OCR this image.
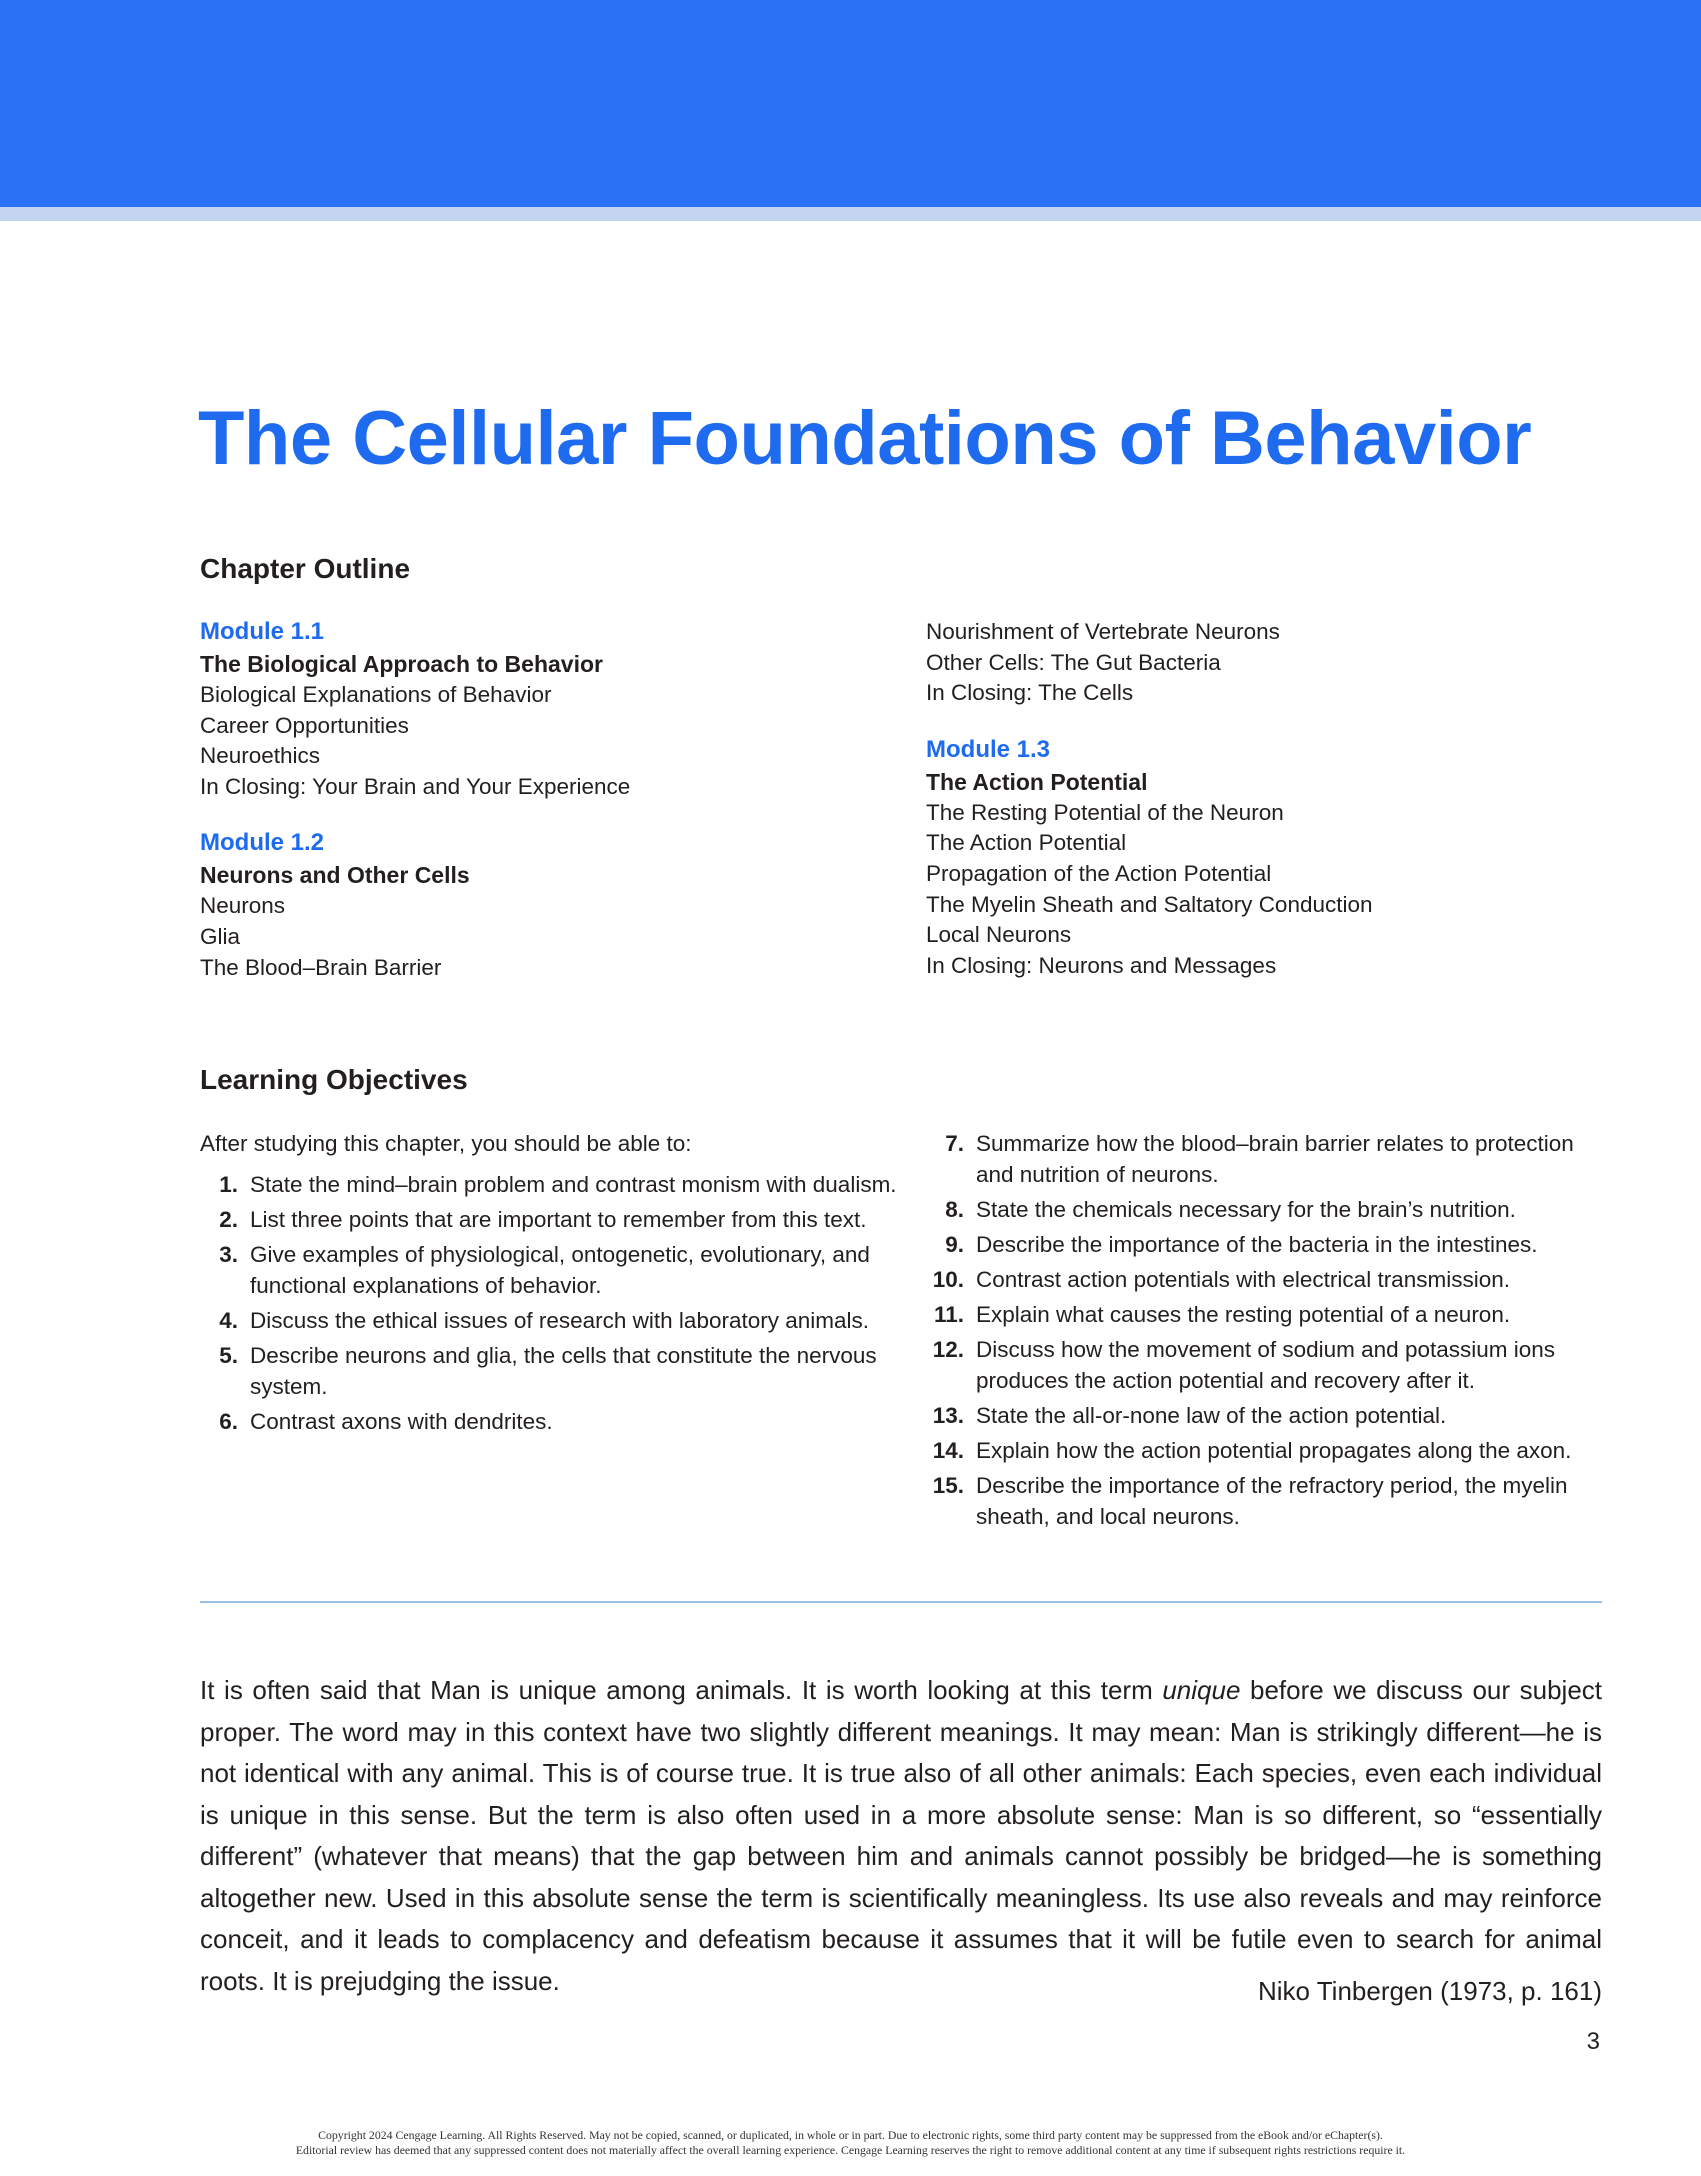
The Cellular Foundations of Behavior
Chapter Outline
Module 1.1
The Biological Approach to Behavior
Biological Explanations of Behavior
Career Opportunities
Neuroethics
In Closing: Your Brain and Your Experience
Module 1.2
Neurons and Other Cells
Neurons
Glia
The Blood–Brain Barrier
Nourishment of Vertebrate Neurons
Other Cells: The Gut Bacteria
In Closing: The Cells
Module 1.3
The Action Potential
The Resting Potential of the Neuron
The Action Potential
Propagation of the Action Potential
The Myelin Sheath and Saltatory Conduction
Local Neurons
In Closing: Neurons and Messages
Learning Objectives
After studying this chapter, you should be able to:
1. State the mind–brain problem and contrast monism with dualism.
2. List three points that are important to remember from this text.
3. Give examples of physiological, ontogenetic, evolutionary, and functional explanations of behavior.
4. Discuss the ethical issues of research with laboratory animals.
5. Describe neurons and glia, the cells that constitute the nervous system.
6. Contrast axons with dendrites.
7. Summarize how the blood–brain barrier relates to protection and nutrition of neurons.
8. State the chemicals necessary for the brain’s nutrition.
9. Describe the importance of the bacteria in the intestines.
10. Contrast action potentials with electrical transmission.
11. Explain what causes the resting potential of a neuron.
12. Discuss how the movement of sodium and potassium ions produces the action potential and recovery after it.
13. State the all-or-none law of the action potential.
14. Explain how the action potential propagates along the axon.
15. Describe the importance of the refractory period, the myelin sheath, and local neurons.

It is often said that Man is unique among animals. It is worth looking at this term unique before we discuss our subject proper. The word may in this context have two slightly different meanings. It may mean: Man is strikingly different—he is not identical with any animal. This is of course true. It is true also of all other animals: Each species, even each individual is unique in this sense. But the term is also often used in a more absolute sense: Man is so different, so “essentially different” (whatever that means) that the gap between him and animals cannot possibly be bridged—he is something altogether new. Used in this absolute sense the term is scientifically meaningless. Its use also reveals and may reinforce conceit, and it leads to complacency and defeatism because it assumes that it will be futile even to search for animal roots. It is prejudging the issue.	Niko Tinbergen (1973, p. 161)
3

Copyright 2024 Cengage Learning. All Rights Reserved. May not be copied, scanned, or duplicated, in whole or in part. Due to electronic rights, some third party content may be suppressed from the eBook and/or eChapter(s).
Editorial review has deemed that any suppressed content does not materially affect the overall learning experience. Cengage Learning reserves the right to remove additional content at any time if subsequent rights restrictions require it.
